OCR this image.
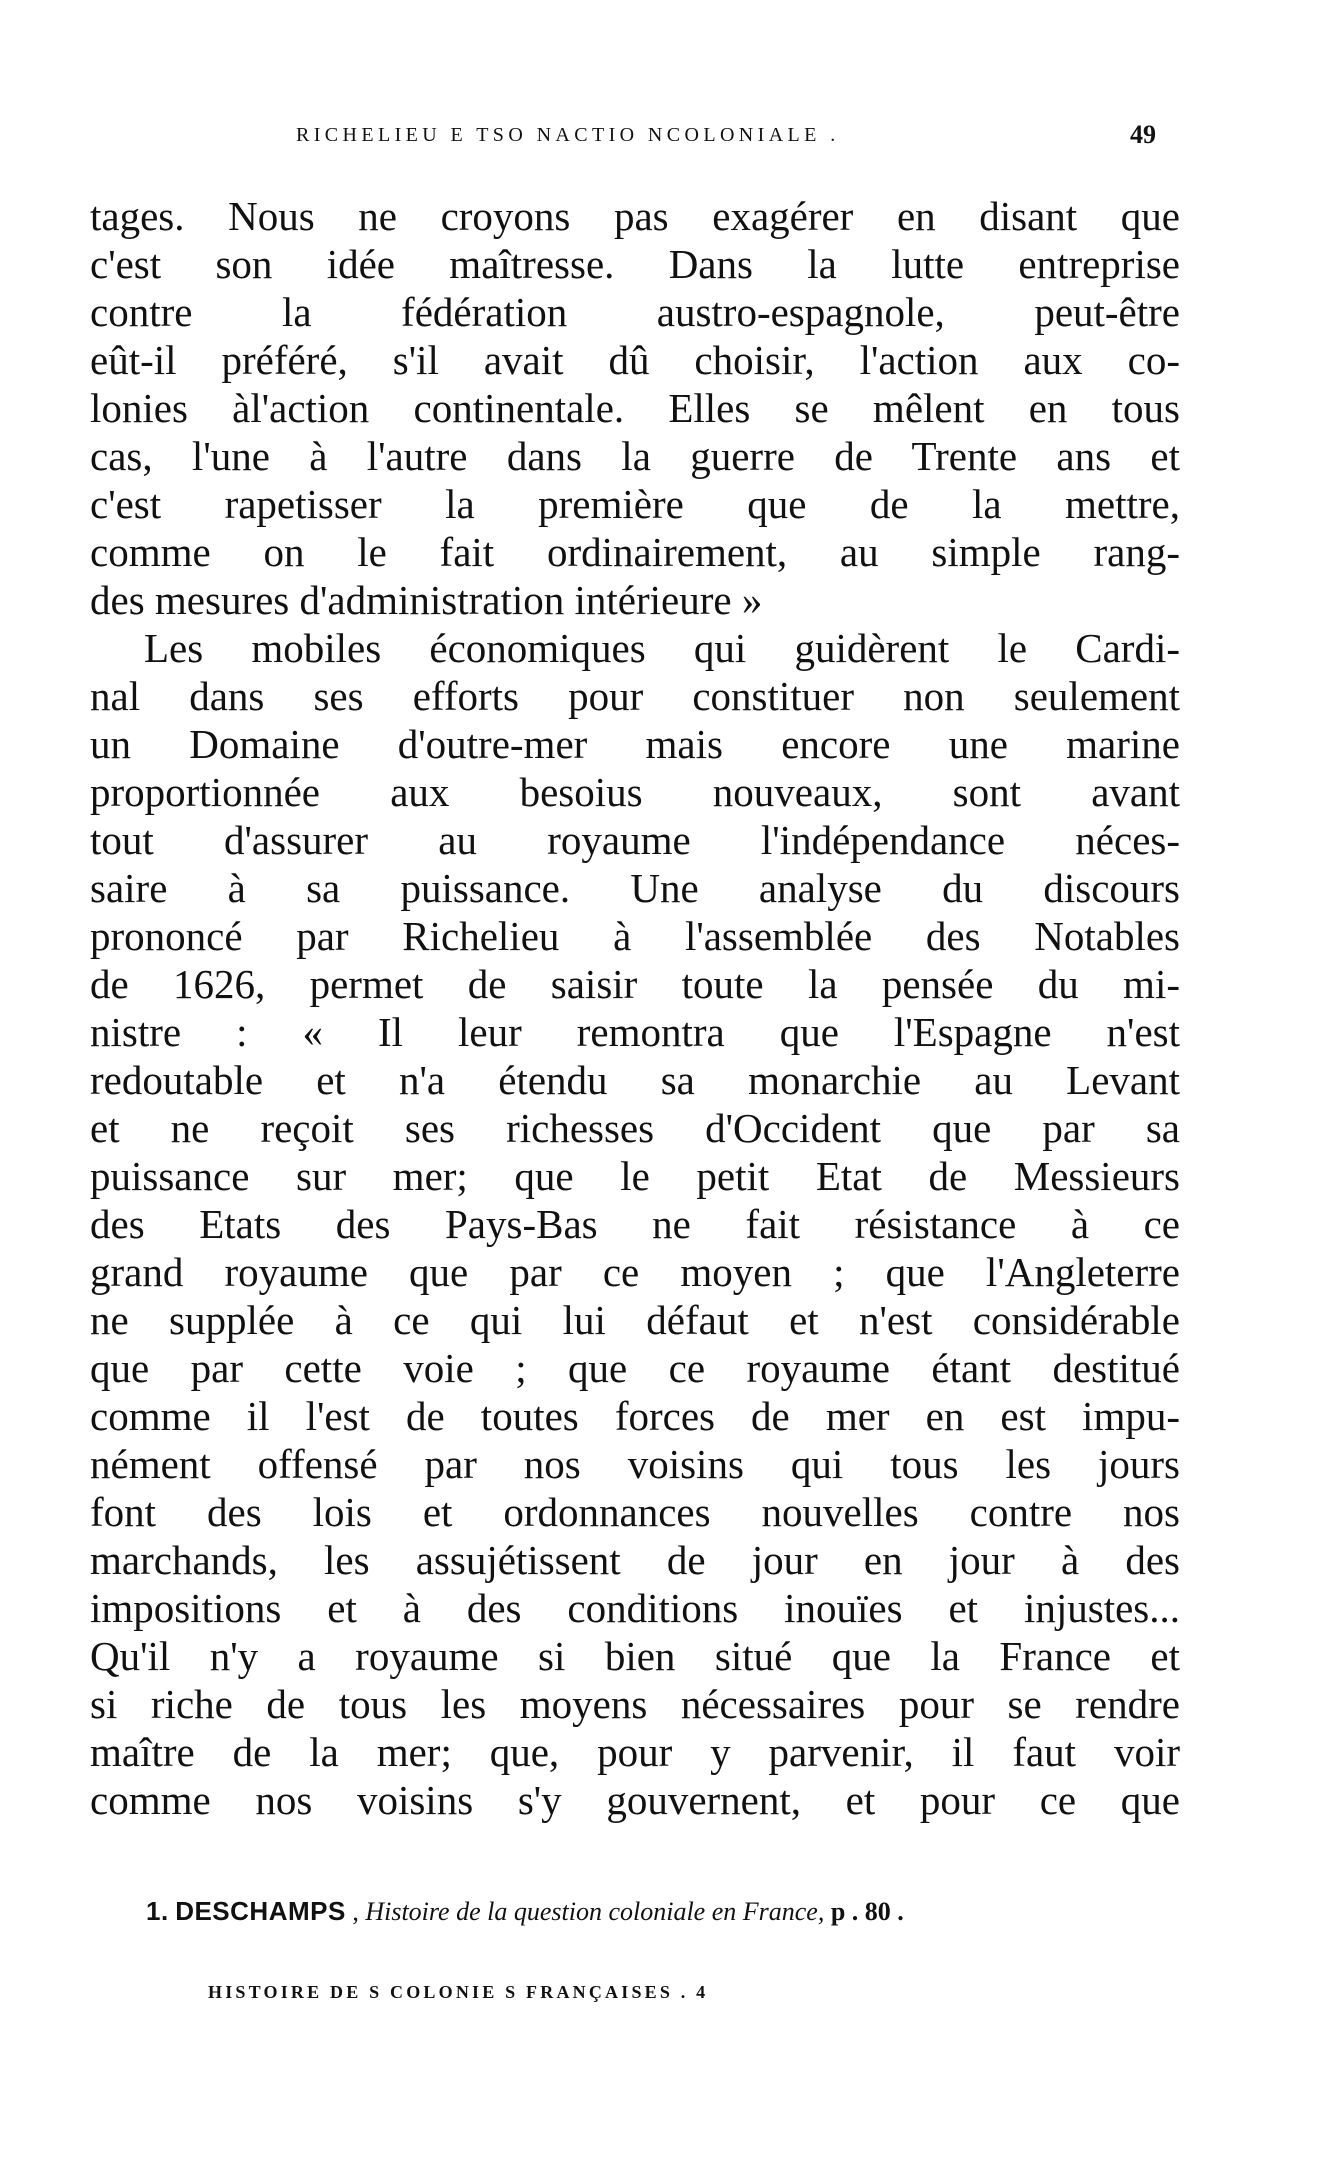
RICHELIEU E TSO NACTIO NCOLONIALE .	49
tages. Nous ne croyons pas exagérer en disant que
c'est son idée maîtresse. Dans la lutte entreprise
contre la fédération austro-espagnole, peut-être
eût-il préféré, s'il avait dû choisir, l'action aux co-
lonies àl'action continentale. Elles se mêlent en tous
cas, l'une à l'autre dans la guerre de Trente ans et
c'est rapetisser la première que de la mettre,
comme on le fait ordinairement, au simple rang-
des mesures d'administration intérieure »
Les mobiles économiques qui guidèrent le Cardi-
nal dans ses efforts pour constituer non seulement
un Domaine d'outre-mer mais encore une marine
proportionnée aux besoius nouveaux, sont avant
tout d'assurer au royaume l'indépendance néces-
saire à sa puissance. Une analyse du discours
prononcé par Richelieu à l'assemblée des Notables
de 1626, permet de saisir toute la pensée du mi-
nistre : « Il leur remontra que l'Espagne n'est
redoutable et n'a étendu sa monarchie au Levant
et ne reçoit ses richesses d'Occident que par sa
puissance sur mer; que le petit Etat de Messieurs
des Etats des Pays-Bas ne fait résistance à ce
grand royaume que par ce moyen ; que l'Angleterre
ne supplée à ce qui lui défaut et n'est considérable
que par cette voie ; que ce royaume étant destitué
comme il l'est de toutes forces de mer en est impu-
nément offensé par nos voisins qui tous les jours
font des lois et ordonnances nouvelles contre nos
marchands, les assujétissent de jour en jour à des
impositions et à des conditions inouïes et injustes...
Qu'il n'y a royaume si bien situé que la France et
si riche de tous les moyens nécessaires pour se rendre
maître de la mer; que, pour y parvenir, il faut voir
comme nos voisins s'y gouvernent, et pour ce que
1. DESCHAMPS , Histoire de la question coloniale en France, p . 80 .
HISTOIRE DE S COLONIE S FRANÇAISES . 4
